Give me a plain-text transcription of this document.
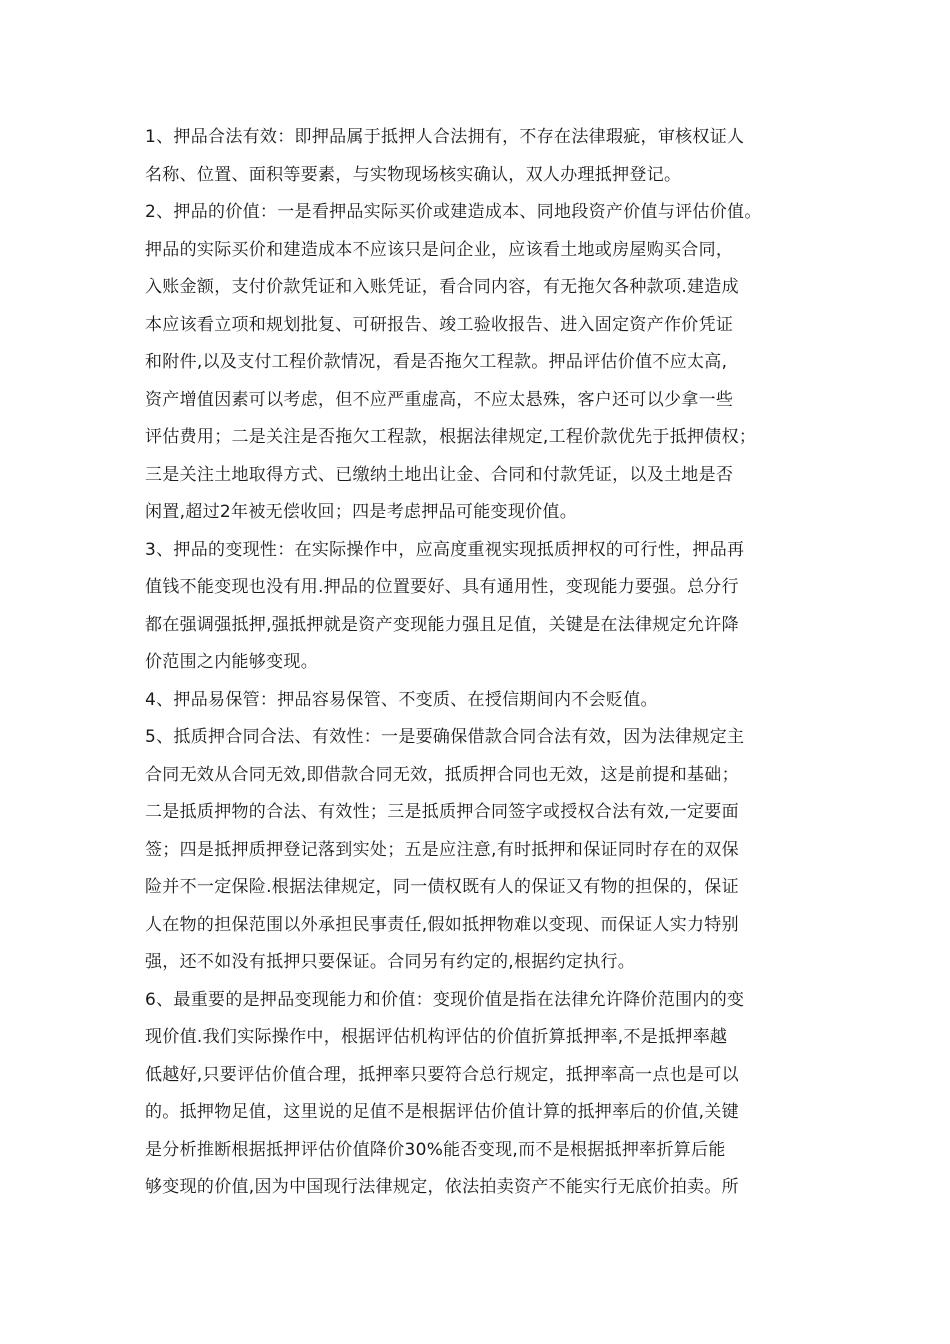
1、押品合法有效：即押品属于抵押人合法拥有，不存在法律瑕疵，审核权证人
名称、位置、面积等要素，与实物现场核实确认，双人办理抵押登记。
2、押品的价值：一是看押品实际买价或建造成本、同地段资产价值与评估价值。
押品的实际买价和建造成本不应该只是问企业，应该看土地或房屋购买合同，
入账金额，支付价款凭证和入账凭证，看合同内容，有无拖欠各种款项.建造成
本应该看立项和规划批复、可研报告、竣工验收报告、进入固定资产作价凭证
和附件,以及支付工程价款情况，看是否拖欠工程款。押品评估价值不应太高,
资产增值因素可以考虑，但不应严重虚高，不应太悬殊，客户还可以少拿一些
评估费用；二是关注是否拖欠工程款，根据法律规定,工程价款优先于抵押债权；
三是关注土地取得方式、已缴纳土地出让金、合同和付款凭证，以及土地是否
闲置,超过2年被无偿收回；四是考虑押品可能变现价值。
3、押品的变现性：在实际操作中，应高度重视实现抵质押权的可行性，押品再
值钱不能变现也没有用.押品的位置要好、具有通用性，变现能力要强。总分行
都在强调强抵押,强抵押就是资产变现能力强且足值，关键是在法律规定允许降
价范围之内能够变现。
4、押品易保管：押品容易保管、不变质、在授信期间内不会贬值。
5、抵质押合同合法、有效性：一是要确保借款合同合法有效，因为法律规定主
合同无效从合同无效,即借款合同无效，抵质押合同也无效，这是前提和基础；
二是抵质押物的合法、有效性；三是抵质押合同签字或授权合法有效,一定要面
签；四是抵押质押登记落到实处；五是应注意,有时抵押和保证同时存在的双保
险并不一定保险.根据法律规定，同一债权既有人的保证又有物的担保的，保证
人在物的担保范围以外承担民事责任,假如抵押物难以变现、而保证人实力特别
强，还不如没有抵押只要保证。合同另有约定的,根据约定执行。
6、最重要的是押品变现能力和价值：变现价值是指在法律允许降价范围内的变
现价值.我们实际操作中，根据评估机构评估的价值折算抵押率,不是抵押率越
低越好,只要评估价值合理，抵押率只要符合总行规定，抵押率高一点也是可以
的。抵押物足值，这里说的足值不是根据评估价值计算的抵押率后的价值,关键
是分析推断根据抵押评估价值降价30%能否变现,而不是根据抵押率折算后能
够变现的价值,因为中国现行法律规定，依法拍卖资产不能实行无底价拍卖。所
